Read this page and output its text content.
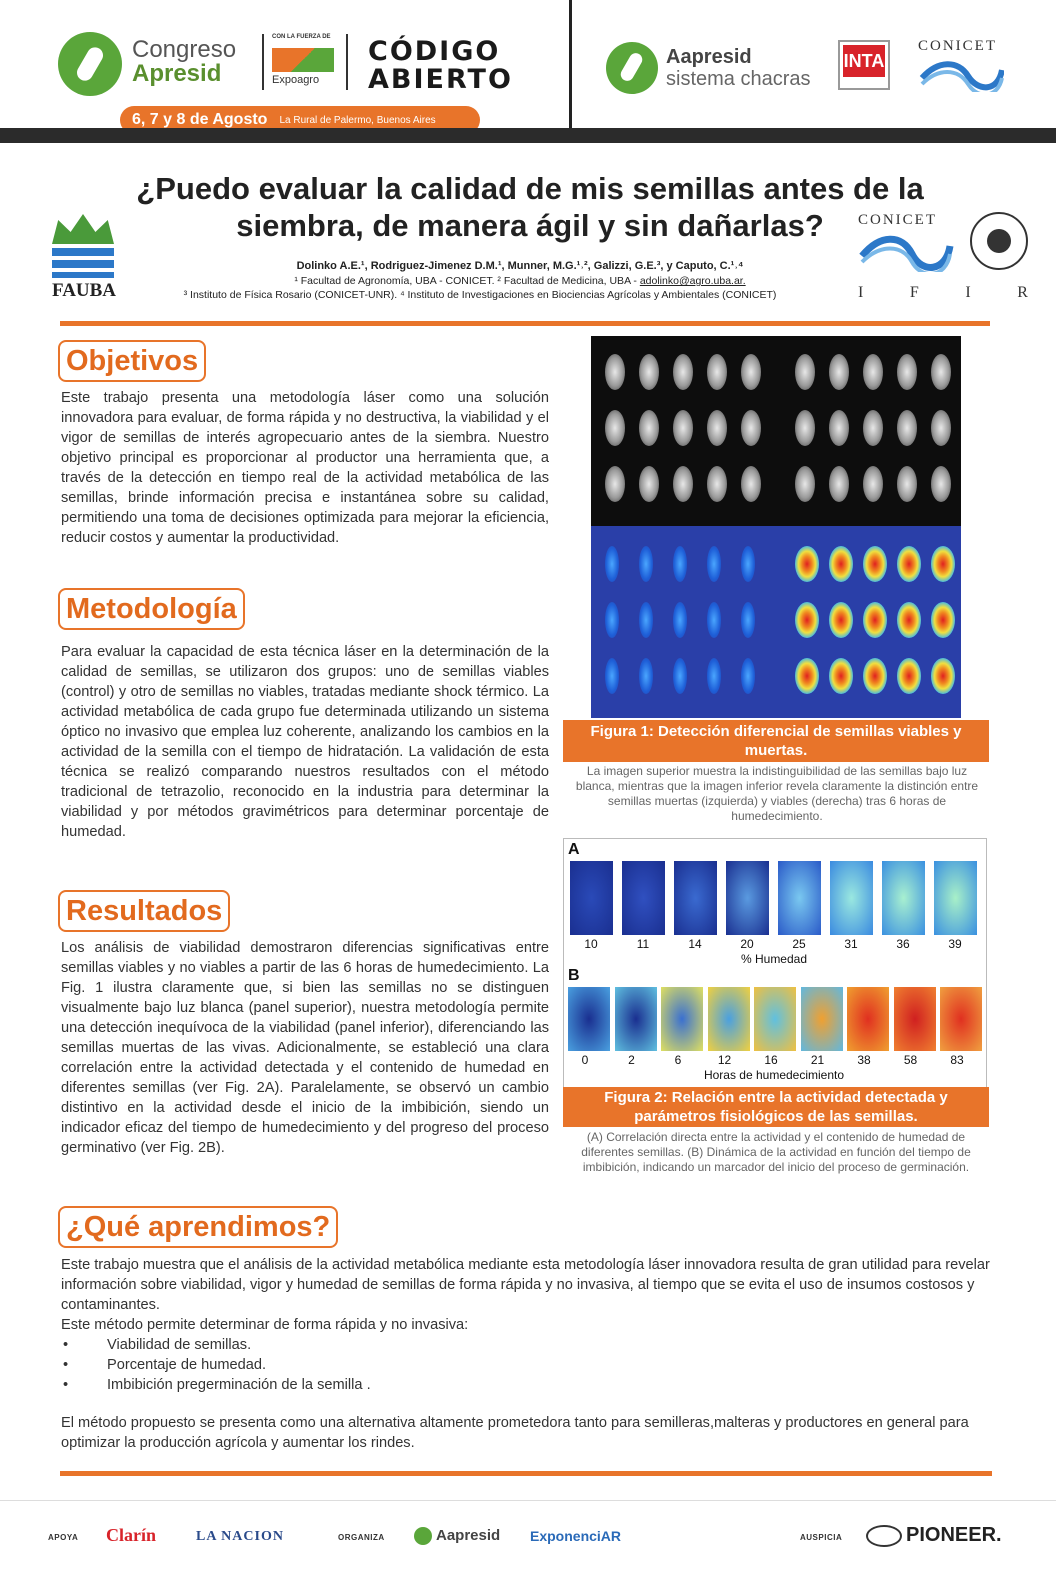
Congreso
Apresid
CON LA FUERZA DE
Expoagro
CÓDIGO
ABIERTO
6, 7 y 8 de Agosto La Rural de Palermo, Buenos Aires
Aapresid
sistema chacras
INTA
CONICET
¿Puedo evaluar la calidad de mis semillas antes de la
siembra, de manera ágil y sin dañarlas?
FAUBA
CONICET
I	F	I	R
Dolinko A.E.¹, Rodriguez-Jimenez D.M.¹, Munner, M.G.¹˒², Galizzi, G.E.³, y Caputo, C.¹˒⁴
¹ Facultad de Agronomía, UBA - CONICET. ² Facultad de Medicina, UBA - adolinko@agro.uba.ar.
³ Instituto de Física Rosario (CONICET-UNR). ⁴ Instituto de Investigaciones en Biociencias Agrícolas y Ambientales (CONICET)
Objetivos
Este trabajo presenta una metodología láser como una solución innovadora para evaluar, de forma rápida y no destructiva, la viabilidad y el vigor de semillas de interés agropecuario antes de la siembra. Nuestro objetivo principal es proporcionar al productor una herramienta que, a través de la detección en tiempo real de la actividad metabólica de las semillas, brinde información precisa e instantánea sobre su calidad, permitiendo una toma de decisiones optimizada para mejorar la eficiencia, reducir costos y aumentar la productividad.
Metodología
Para evaluar la capacidad de esta técnica láser en la determinación de la calidad de semillas, se utilizaron dos grupos: uno de semillas viables (control) y otro de semillas no viables, tratadas mediante shock térmico. La actividad metabólica de cada grupo fue determinada utilizando un sistema óptico no invasivo que emplea luz coherente, analizando los cambios en la actividad de la semilla con el tiempo de hidratación. La validación de esta técnica se realizó comparando nuestros resultados con el método tradicional de tetrazolio, reconocido en la industria para determinar la viabilidad y por métodos gravimétricos para determinar porcentaje de humedad.
Resultados
Los análisis de viabilidad demostraron diferencias significativas entre semillas viables y no viables a partir de las 6 horas de humedecimiento. La Fig. 1 ilustra claramente que, si bien las semillas no se distinguen visualmente bajo luz blanca (panel superior), nuestra metodología permite una detección inequívoca de la viabilidad (panel inferior), diferenciando las semillas muertas de las vivas. Adicionalmente, se estableció una clara correlación entre la actividad detectada y el contenido de humedad en diferentes semillas (ver Fig. 2A). Paralelamente, se observó un cambio distintivo en la actividad desde el inicio de la imbibición, siendo un indicador eficaz del tiempo de humedecimiento y del progreso del proceso germinativo (ver Fig. 2B).
Figura 1: Detección diferencial de semillas viables y muertas.
La imagen superior muestra la indistinguibilidad de las semillas bajo luz blanca, mientras que la imagen inferior revela claramente la distinción entre semillas muertas (izquierda) y viables (derecha) tras 6 horas de humedecimiento.
A
% Humedad
B
Horas de humedecimiento
10	11	14	20	25	31	36	39
0	2	6	12	16	21	38	58	83
Figura 2: Relación entre la actividad detectada y parámetros fisiológicos de las semillas.
(A) Correlación directa entre la actividad y el contenido de humedad de diferentes semillas. (B) Dinámica de la actividad en función del tiempo de imbibición, indicando un marcador del inicio del proceso de germinación.
¿Qué aprendimos?
Este trabajo muestra que el análisis de la actividad metabólica mediante esta metodología láser innovadora resulta de gran utilidad para revelar información sobre viabilidad, vigor y humedad de semillas de forma rápida y no invasiva, al tiempo que se evita el uso de insumos costosos y contaminantes.
Este método permite determinar de forma rápida y no invasiva:
• Viabilidad de semillas.
• Porcentaje de humedad.
• Imbibición pregerminación de la semilla .
El método propuesto se presenta como una alternativa altamente prometedora tanto para semilleras,malteras y productores en general para optimizar la producción agrícola y aumentar los rindes.
APOYA Clarín	LA NACION	ORGANIZA	Aapresid ExponenciAR	AUSPICIA	PIONEER.
